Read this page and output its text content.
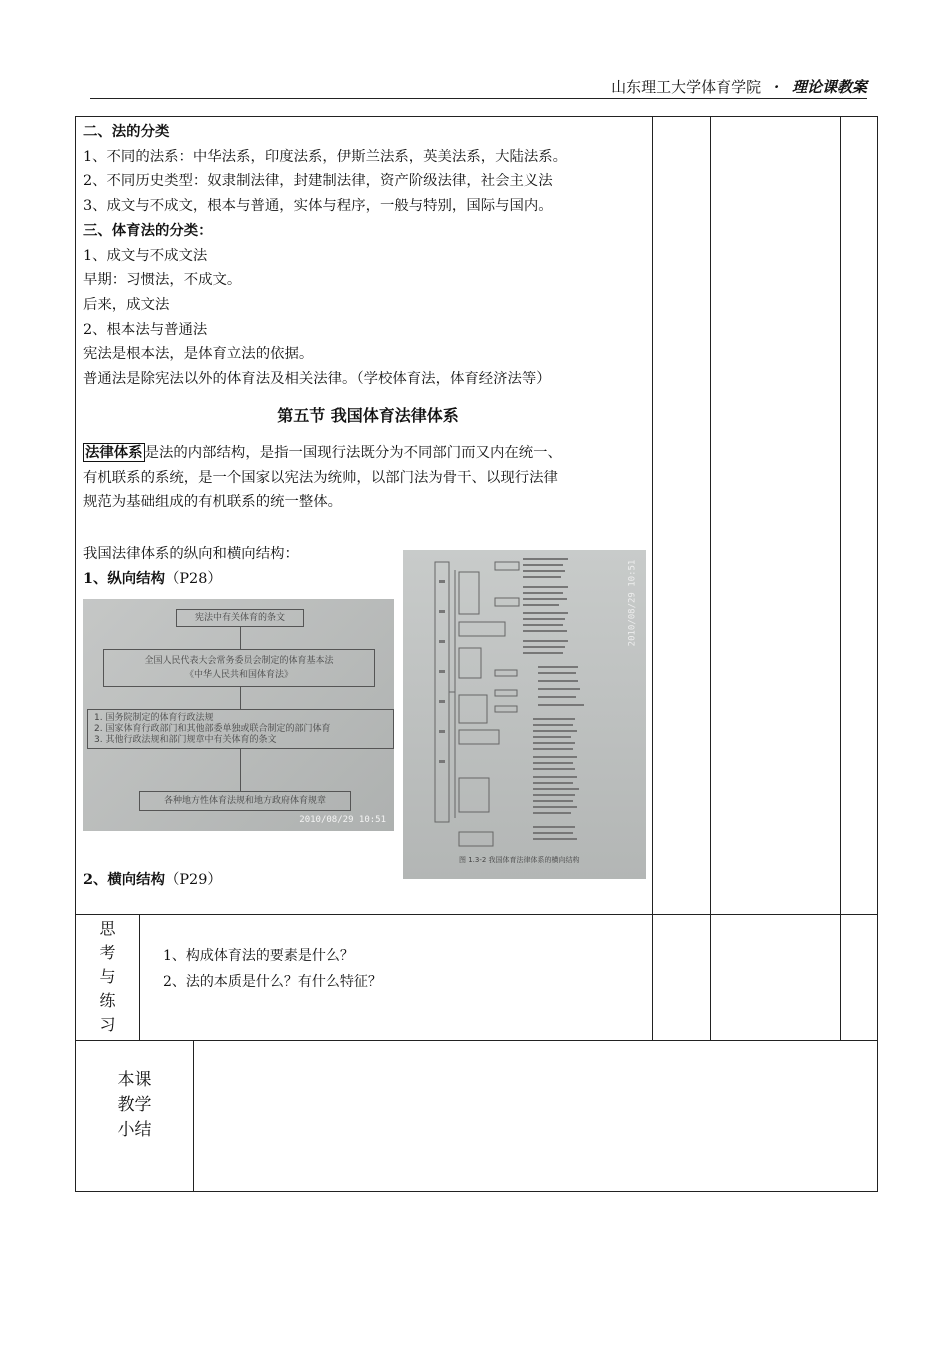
山东理工大学体育学院 · 理论课教案

二、法的分类

1、不同的法系：中华法系，印度法系，伊斯兰法系，英美法系，大陆法系。

2、不同历史类型：奴隶制法律，封建制法律，资产阶级法律，社会主义法

3、成文与不成文，根本与普通，实体与程序，一般与特别，国际与国内。

三、体育法的分类：

1、成文与不成文法

早期：习惯法，不成文。

后来，成文法

2、根本法与普通法

宪法是根本法，是体育立法的依据。

普通法是除宪法以外的体育法及相关法律。（学校体育法，体育经济法等）

第五节 我国体育法律体系

法律体系 是法的内部结构，是指一国现行法既分为不同部门而又内在统一、

有机联系的系统，是一个国家以宪法为统帅，以部门法为骨干、以现行法律

规范为基础组成的有机联系的统一整体。

我国法律体系的纵向和横向结构：
1、纵向结构（P28）
2、横向结构（P29）
宪法中有关体育的条文
全国人民代表大会常务委员会制定的体育基本法
《中华人民共和国体育法》
1. 国务院制定的体育行政法规
2. 国家体育行政部门和其他部委单独或联合制定的部门体育
3. 其他行政法规和部门规章中有关体育的条文
各种地方性体育法规和地方政府体育规章
2010/08/29 10:51
2010/08/29 10:51
图 1.3-2 我国体育法律体系的横向结构
思
考
与
练
习
1、构成体育法的要素是什么？
2、法的本质是什么？有什么特征？
本课
教学
小结
